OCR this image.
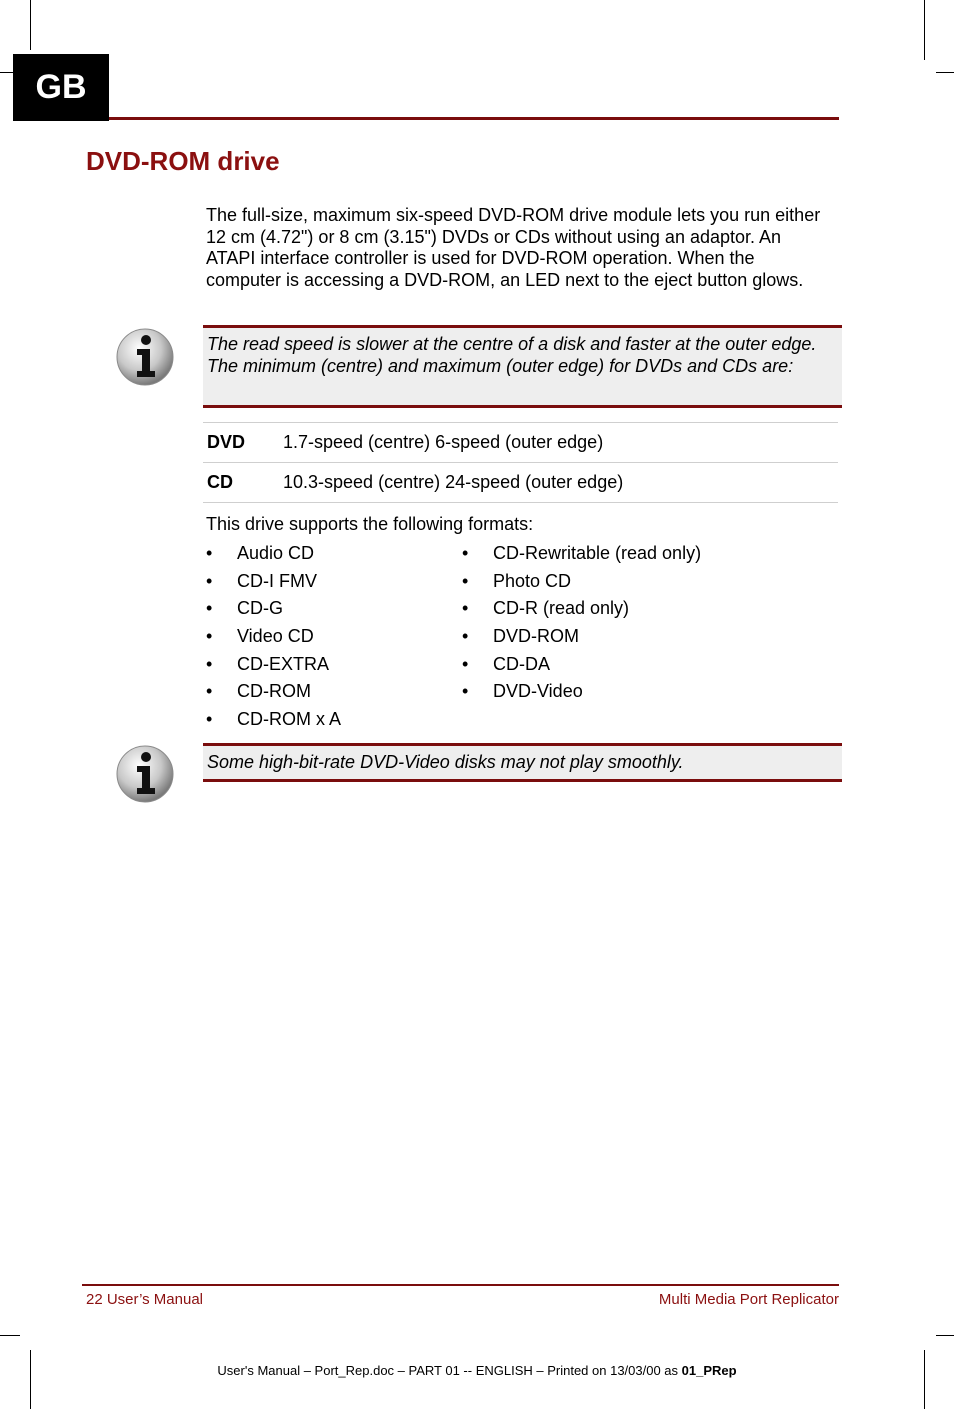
GB
DVD-ROM drive
The full-size, maximum six-speed DVD-ROM drive module lets you run either 12 cm (4.72") or 8 cm (3.15") DVDs or CDs without using an adaptor. An ATAPI interface controller is used for DVD-ROM operation. When the computer is accessing a DVD-ROM, an LED next to the eject button glows.
The read speed is slower at the centre of a disk and faster at the outer edge. The minimum (centre) and maximum (outer edge) for DVDs and CDs are:
DVD	1.7-speed (centre) 6-speed (outer edge)
CD	10.3-speed (centre) 24-speed (outer edge)
This drive supports the following formats:
• Audio CD
• CD-I FMV
• CD-G
• Video CD
• CD-EXTRA
• CD-ROM
• CD-ROM x A
• CD-Rewritable (read only)
• Photo CD
• CD-R (read only)
• DVD-ROM
• CD-DA
• DVD-Video
Some high-bit-rate DVD-Video disks may not play smoothly.
22 User’s Manual	Multi Media Port Replicator
User's Manual – Port_Rep.doc – PART 01 -- ENGLISH – Printed on 13/03/00 as 01_PRep
